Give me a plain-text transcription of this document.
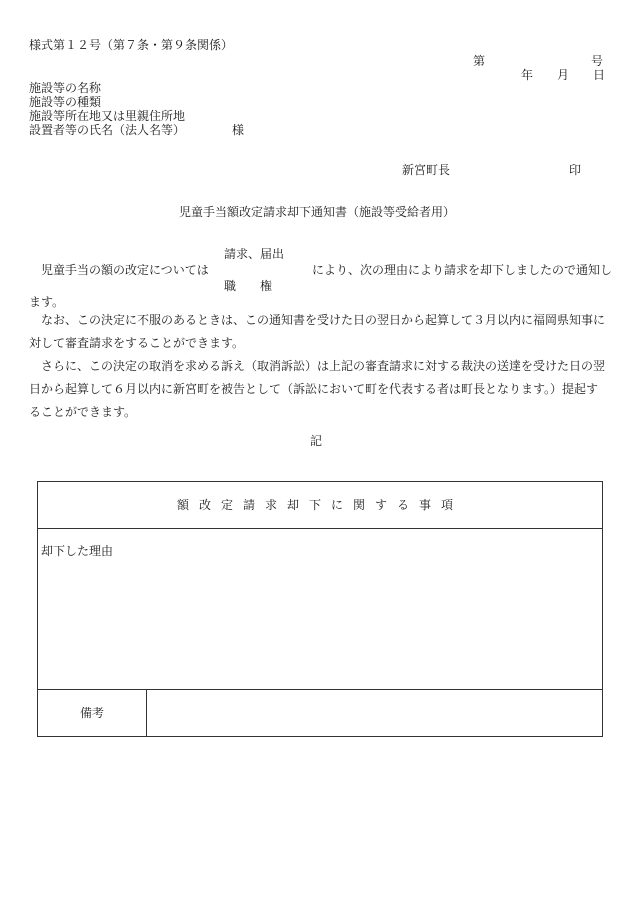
様式第１２号（第７条・第９条関係）
第	号
年 月 日
施設等の名称
施設等の種類
施設等所在地又は里親住所地
設置者等の氏名（法人名等）	様
新宮町長	印
児童手当額改定請求却下通知書（施設等受給者用）
請求、届出
職　　権
児童手当の額の改定については	により、次の理由により請求を却下しましたので通知し
ます。
なお、この決定に不服のあるときは、この通知書を受けた日の翌日から起算して３月以内に福岡県知事に
対して審査請求をすることができます。
さらに、この決定の取消を求める訴え（取消訴訟）は上記の審査請求に対する裁決の送達を受けた日の翌
日から起算して６月以内に新宮町を被告として（訴訟において町を代表する者は町長となります。）提起す
ることができます。
記
額改定請求却下に関する事項
却下した理由
備考	
